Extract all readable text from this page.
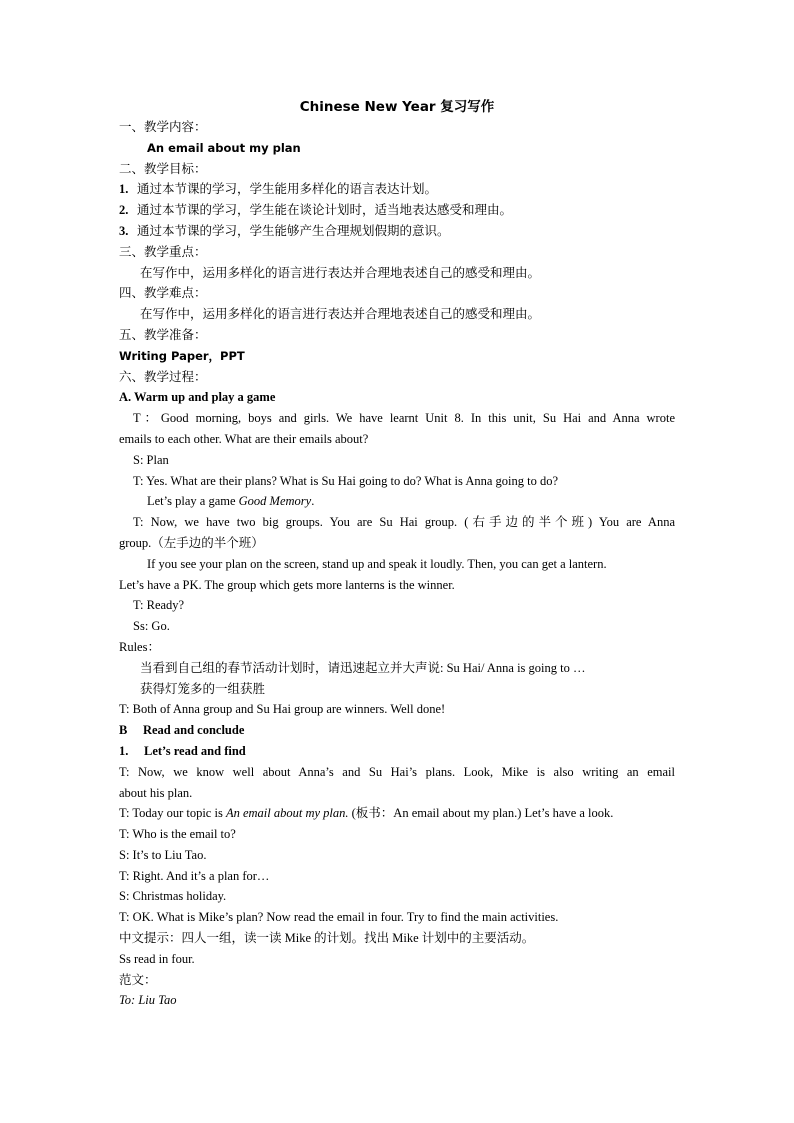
Chinese New Year 复习写作
一、教学内容：
An email about my plan
二、教学目标：
1. 通过本节课的学习，学生能用多样化的语言表达计划。
2. 通过本节课的学习，学生能在谈论计划时，适当地表达感受和理由。
3. 通过本节课的学习，学生能够产生合理规划假期的意识。
三、教学重点：
在写作中，运用多样化的语言进行表达并合理地表述自己的感受和理由。
四、教学难点：
在写作中，运用多样化的语言进行表达并合理地表述自己的感受和理由。
五、教学准备：
Writing Paper，PPT
六、教学过程：
A. Warm up and play a game
T：Good morning, boys and girls. We have learnt Unit 8. In this unit, Su Hai and Anna wrote
emails to each other. What are their emails about?
S: Plan
T: Yes. What are their plans? What is Su Hai going to do? What is Anna going to do?
Let’s play a game Good Memory.
T: Now, we have two big groups. You are Su Hai group. (右手边的半个班) You are Anna
group.（左手边的半个班）
If you see your plan on the screen, stand up and speak it loudly. Then, you can get a lantern.
Let’s have a PK. The group which gets more lanterns is the winner.
T: Ready?
Ss: Go.
Rules：
当看到自己组的春节活动计划时，请迅速起立并大声说: Su Hai/ Anna is going to …
获得灯笼多的一组获胜
T: Both of Anna group and Su Hai group are winners. Well done!
B     Read and conclude
1. Let’s read and find
T: Now, we know well about Anna’s and Su Hai’s plans. Look, Mike is also writing an email
about his plan.
T: Today our topic is An email about my plan. (板书：An email about my plan.) Let’s have a look.
T: Who is the email to?
S: It’s to Liu Tao.
T: Right. And it’s a plan for…
S: Christmas holiday.
T: OK. What is Mike’s plan? Now read the email in four. Try to find the main activities.
中文提示：四人一组，读一读 Mike 的计划。找出 Mike 计划中的主要活动。
Ss read in four.
范文：
To: Liu Tao
